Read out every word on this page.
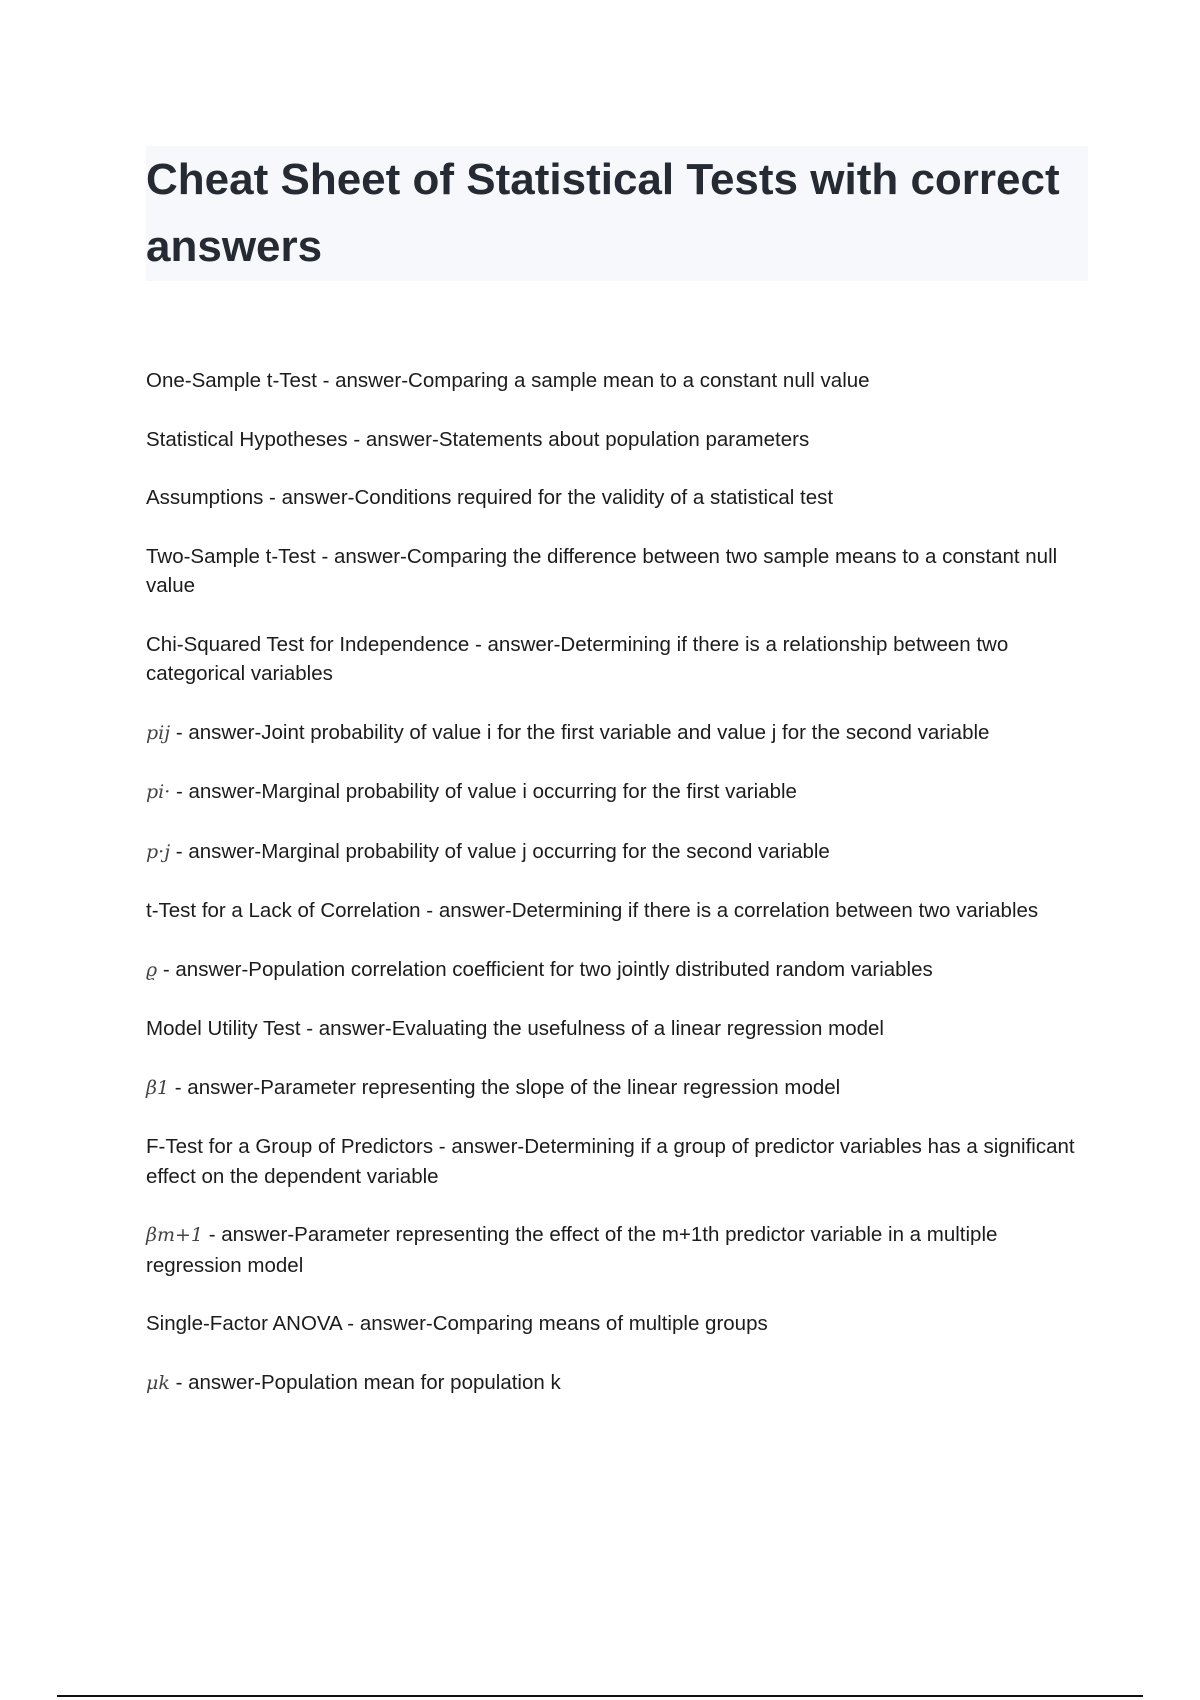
Cheat Sheet of Statistical Tests with correct answers
One-Sample t-Test - answer-Comparing a sample mean to a constant null value
Statistical Hypotheses - answer-Statements about population parameters
Assumptions - answer-Conditions required for the validity of a statistical test
Two-Sample t-Test - answer-Comparing the difference between two sample means to a constant null value
Chi-Squared Test for Independence - answer-Determining if there is a relationship between two categorical variables
pij - answer-Joint probability of value i for the first variable and value j for the second variable
pi· - answer-Marginal probability of value i occurring for the first variable
p·j - answer-Marginal probability of value j occurring for the second variable
t-Test for a Lack of Correlation - answer-Determining if there is a correlation between two variables
ϱ - answer-Population correlation coefficient for two jointly distributed random variables
Model Utility Test - answer-Evaluating the usefulness of a linear regression model
β1 - answer-Parameter representing the slope of the linear regression model
F-Test for a Group of Predictors - answer-Determining if a group of predictor variables has a significant effect on the dependent variable
βm+1 - answer-Parameter representing the effect of the m+1th predictor variable in a multiple regression model
Single-Factor ANOVA - answer-Comparing means of multiple groups
μk - answer-Population mean for population k
